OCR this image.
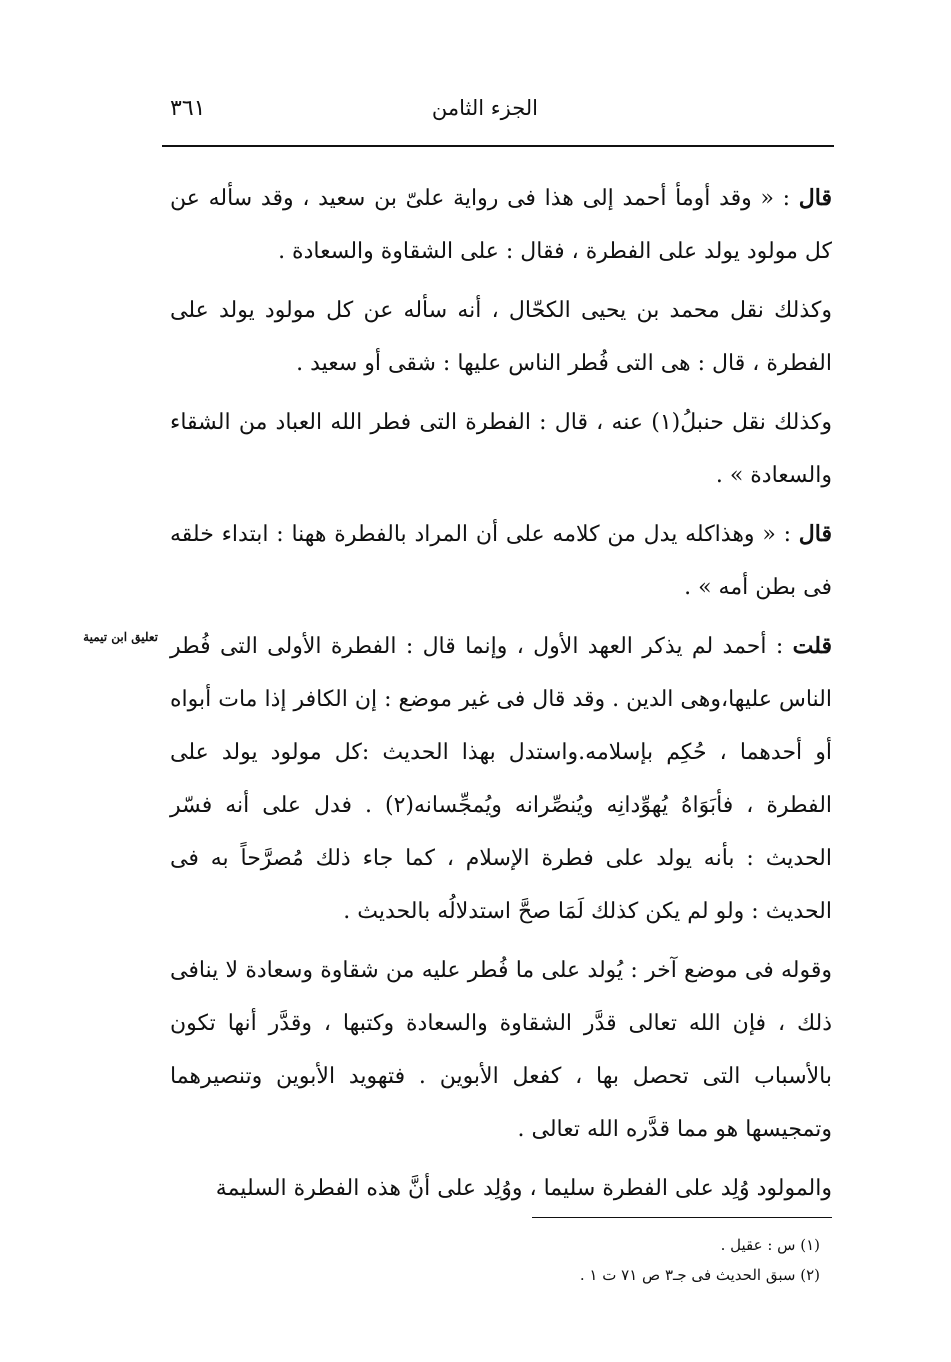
٣٦١	الجزء الثامن
تعليق ابن تيمية

قال : « وقد أومأ أحمد إلى هذا فى رواية علىّ بن سعيد ، وقد سأله عن كل مولود يولد على الفطرة ، فقال : على الشقاوة والسعادة .

وكذلك نقل محمد بن يحيى الكحّال ، أنه سأله عن كل مولود يولد على الفطرة ، قال : هى التى فُطر الناس عليها : شقى أو سعيد .

وكذلك نقل حنبلُ(١) عنه ، قال : الفطرة التى فطر الله العباد من الشقاء والسعادة » .

قال : « وهذاكله يدل من كلامه على أن المراد بالفطرة ههنا : ابتداء خلقه فى بطن أمه » .

قلت : أحمد لم يذكر العهد الأول ، وإنما قال : الفطرة الأولى التى فُطر الناس عليها،وهى الدين . وقد قال فى غير موضع : إن الكافر إذا مات أبواه أو أحدهما ، حُكِم بإسلامه.واستدل بهذا الحديث :كل مولود يولد على الفطرة ، فأبَوَاهُ يُهوِّدانِه ويُنصِّرانه ويُمجِّسانه(٢) . فدل على أنه فسّر الحديث : بأنه يولد على فطرة الإسلام ، كما جاء ذلك مُصرَّحاً به فى الحديث : ولو لم يكن كذلك لَمَا صحَّ استدلالُه بالحديث .

وقوله فى موضع آخر : يُولد على ما فُطر عليه من شقاوة وسعادة لا ينافى ذلك ، فإن الله تعالى قدَّر الشقاوة والسعادة وكتبها ، وقدَّر أنها تكون بالأسباب التى تحصل بها ، كفعل الأبوين . فتهويد الأبوين وتنصيرهما وتمجيسها هو مما قدَّره الله تعالى .

والمولود وُلِد على الفطرة سليما ، ووُلِد على أنَّ هذه الفطرة السليمة

(١) س : عقيل .
(٢) سبق الحديث فى جـ٣ ص ٧١ ت ١ .
